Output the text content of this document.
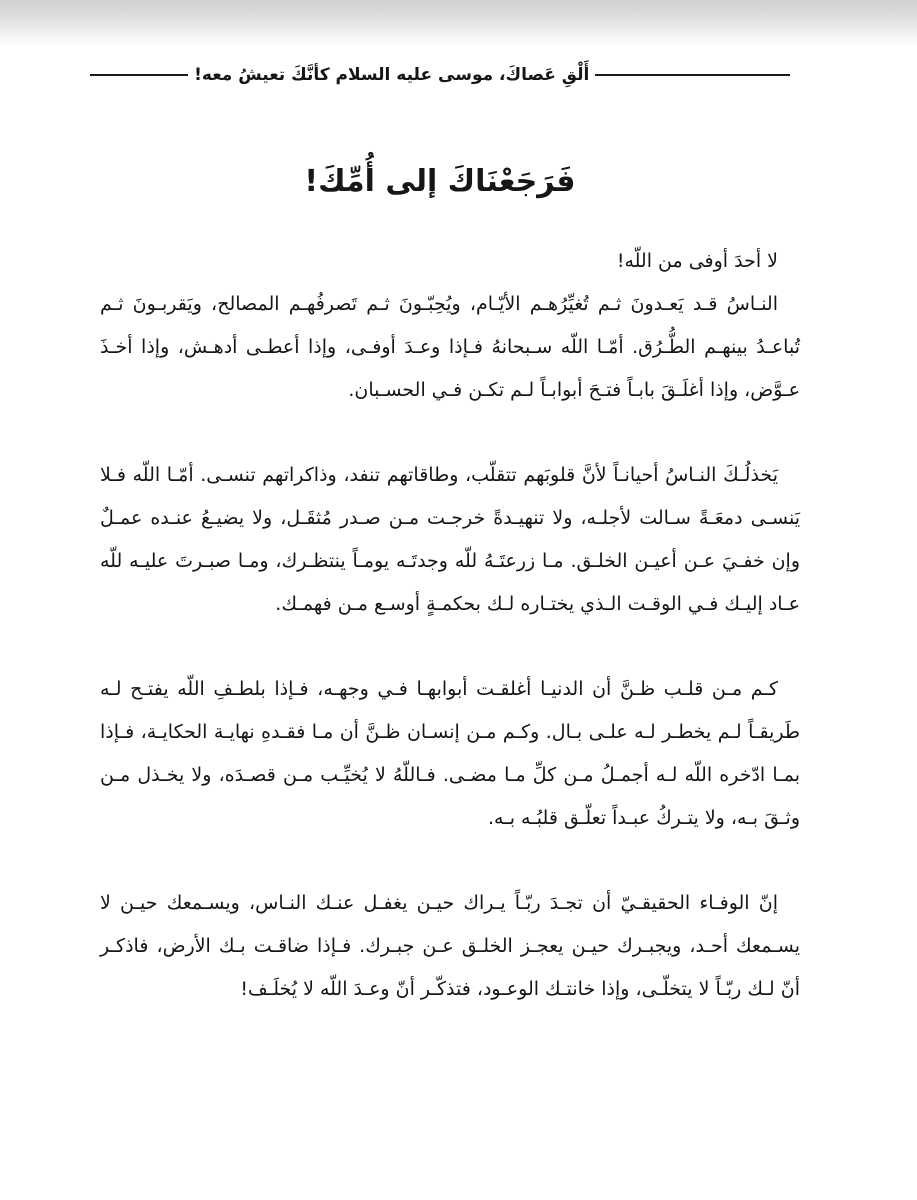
أَلْقِ عَصاكَ، موسى عليه السلام كأنَّكَ تعيشُ معه!
فَرَجَعْنَاكَ إلى أُمِّكَ!

لا أحدَ أوفى من اللّه!

النـاسُ قـد يَعـدونَ ثـم تُغيِّرُهـم الأيّـام، ويُحِبّـونَ ثـم تَصرفُهـم المصالح، ويَقربـونَ ثـم تُباعـدُ بينهـم الطُّـرُق. أمّـا اللّه سـبحانهُ فـإذا وعـدَ أوفـى، وإذا أعطـى أدهـش، وإذا أخـذَ عـوَّض، وإذا أغلَـقَ بابـاً فتـحَ أبوابـاً لـم تكـن فـي الحسـبان.

يَخذلُـكَ النـاسُ أحيانـاً لأنَّ قلوبَهم تتقلّب، وطاقاتهم تنفد، وذاكراتهم تنسـى. أمّـا اللّه فـلا يَنسـى دمعَـةً سـالت لأجلـه، ولا تنهيـدةً خرجـت مـن صـدر مُثقَـل، ولا يضيـعُ عنـده عمـلٌ وإن خفـيَ عـن أعيـن الخلـق. مـا زرعتَـهُ للّه وجدتَـه يومـاً ينتظـرك، ومـا صبـرتَ عليـه للّه عـاد إليـك فـي الوقـت الـذي يختـاره لـك بحكمـةٍ أوسـع مـن فهمـك.

كـم مـن قلـب ظـنَّ أن الدنيـا أغلقـت أبوابهـا فـي وجهـه، فـإذا بلطـفِ اللّه يفتـح لـه طَريقـاً لـم يخطـر لـه علـى بـال. وكـم مـن إنسـان ظـنَّ أن مـا فقـدهِ نهايـة الحكايـة، فـإذا بمـا ادّخره اللّه لـه أجمـلُ مـن كلِّ مـا مضـى. فـاللّهُ لا يُخيِّـب مـن قصـدَه، ولا يخـذل مـن وثـقَ بـه، ولا يتـركُ عبـداً تعلّـق قلبُـه بـه.

إنّ الوفـاء الحقيقـيّ أن تجـدَ ربّـاً يـراك حيـن يغفـل عنـك النـاس، ويسـمعك حيـن لا يسـمعك أحـد، ويجبـرك حيـن يعجـز الخلـق عـن جبـرك. فـإذا ضاقـت بـك الأرض، فاذكـر أنّ لـك ربّـاً لا يتخلّـى، وإذا خانتـك الوعـود، فتذكّـر أنّ وعـدَ اللّه لا يُخلَـف!
